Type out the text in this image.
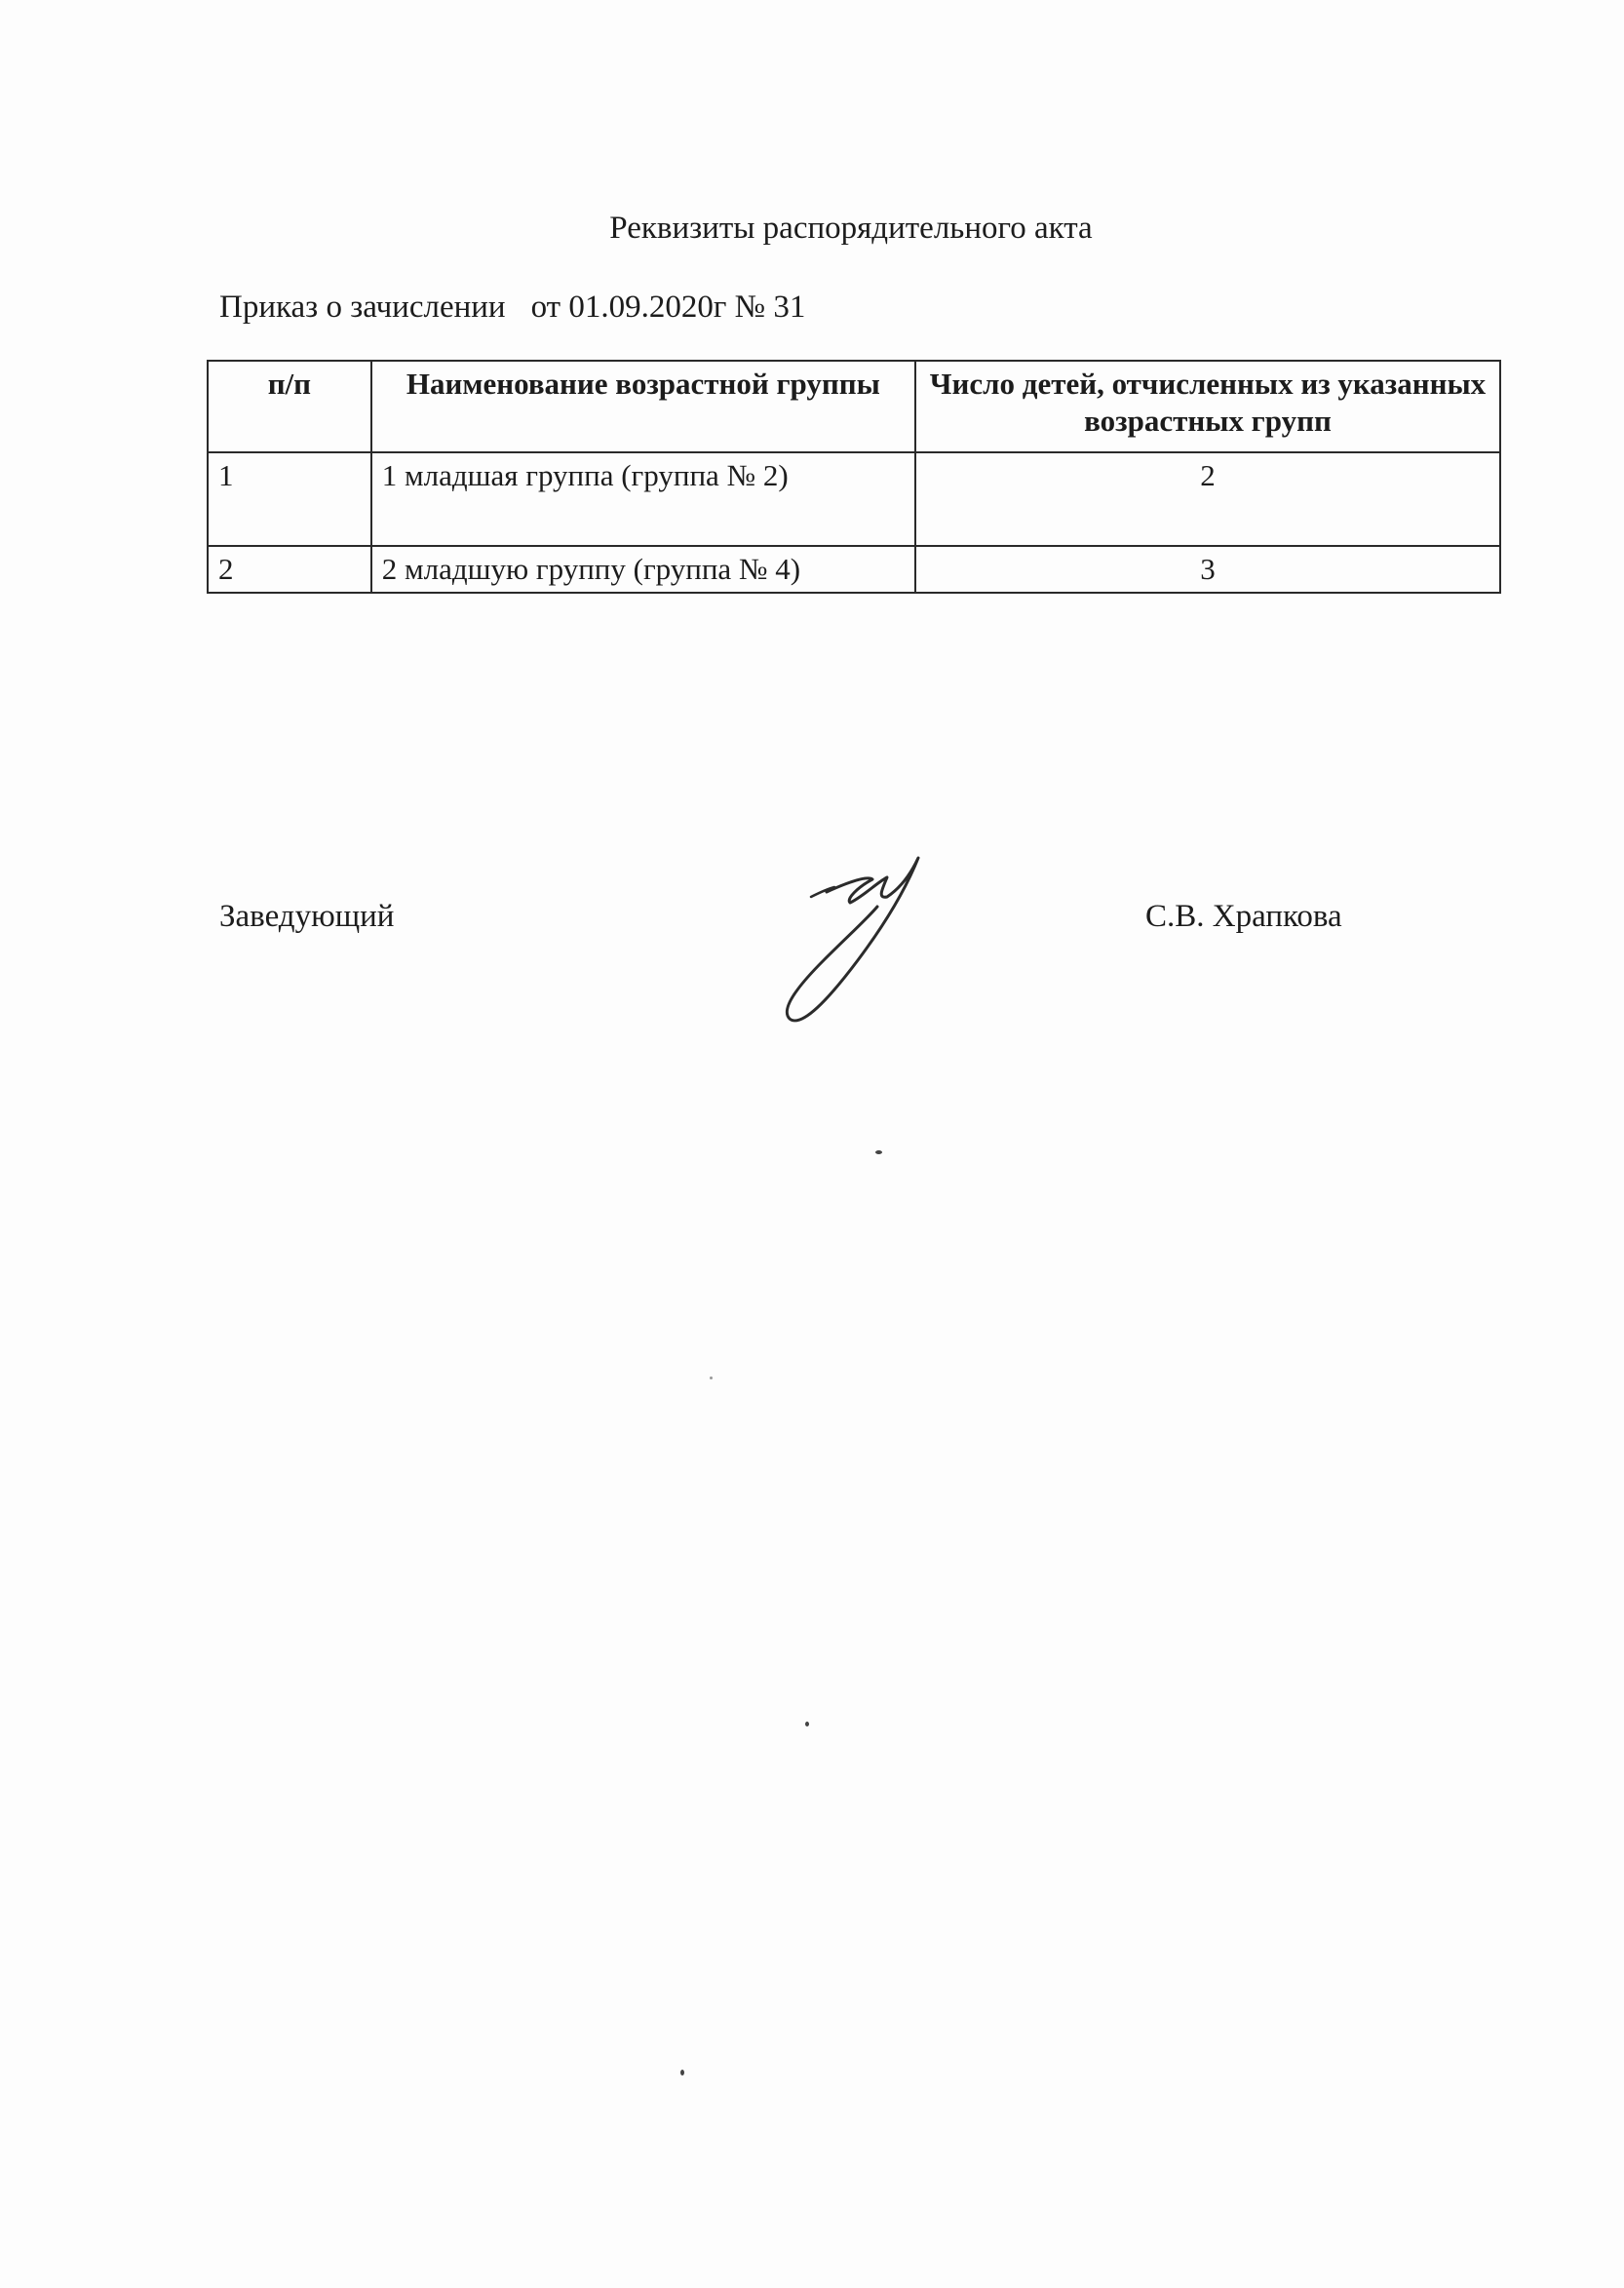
Реквизиты распорядительного акта
Приказ о зачислении от 01.09.2020г № 31
п/п	Наименование возрастной группы	Число детей, отчисленных из указанных возрастных групп
1	1 младшая группа (группа № 2)	2
2	2 младшую группу (группа № 4)	3
Заведующий	С.В. Храпкова
